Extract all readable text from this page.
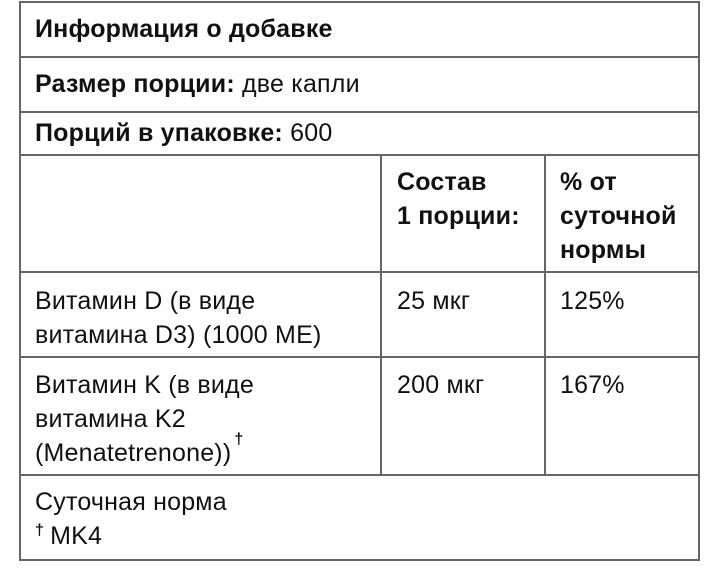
Информация о добавке
Размер порции: две капли
Порций в упаковке: 600
Состав
1 порции:
% от
суточной
нормы
Витамин D (в виде
витамина D3) (1000 МЕ)
25 мкг	125%
Витамин K (в виде
витамина K2
(Menatetrenone)) †
200 мкг	167%
Суточная норма
† MK4
